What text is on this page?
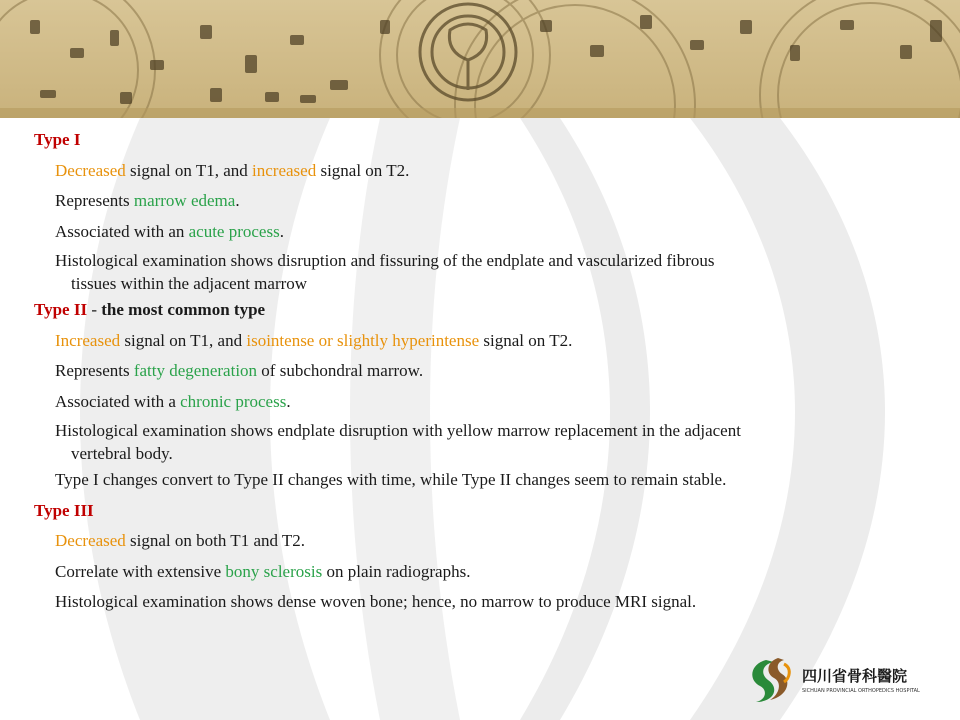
Type I

Decreased signal on T1, and increased signal on T2.

Represents marrow edema.

Associated with an acute process.

Histological examination shows disruption and fissuring of the endplate and vascularized fibrous
tissues within the adjacent marrow

Type II - the most common type

Increased signal on T1, and isointense or slightly hyperintense signal on T2.

Represents fatty degeneration of subchondral marrow.

Associated with a chronic process.

Histological examination shows endplate disruption with yellow marrow replacement in the adjacent
vertebral body.

Type I changes convert to Type II changes with time, while Type II changes seem to remain stable.

Type III

Decreased signal on both T1 and T2.

Correlate with extensive bony sclerosis on plain radiographs.

Histological examination shows dense woven bone; hence, no marrow to produce MRI signal.

四川省骨科醫院
SICHUAN PROVINCIAL ORTHOPEDICS HOSPITAL
